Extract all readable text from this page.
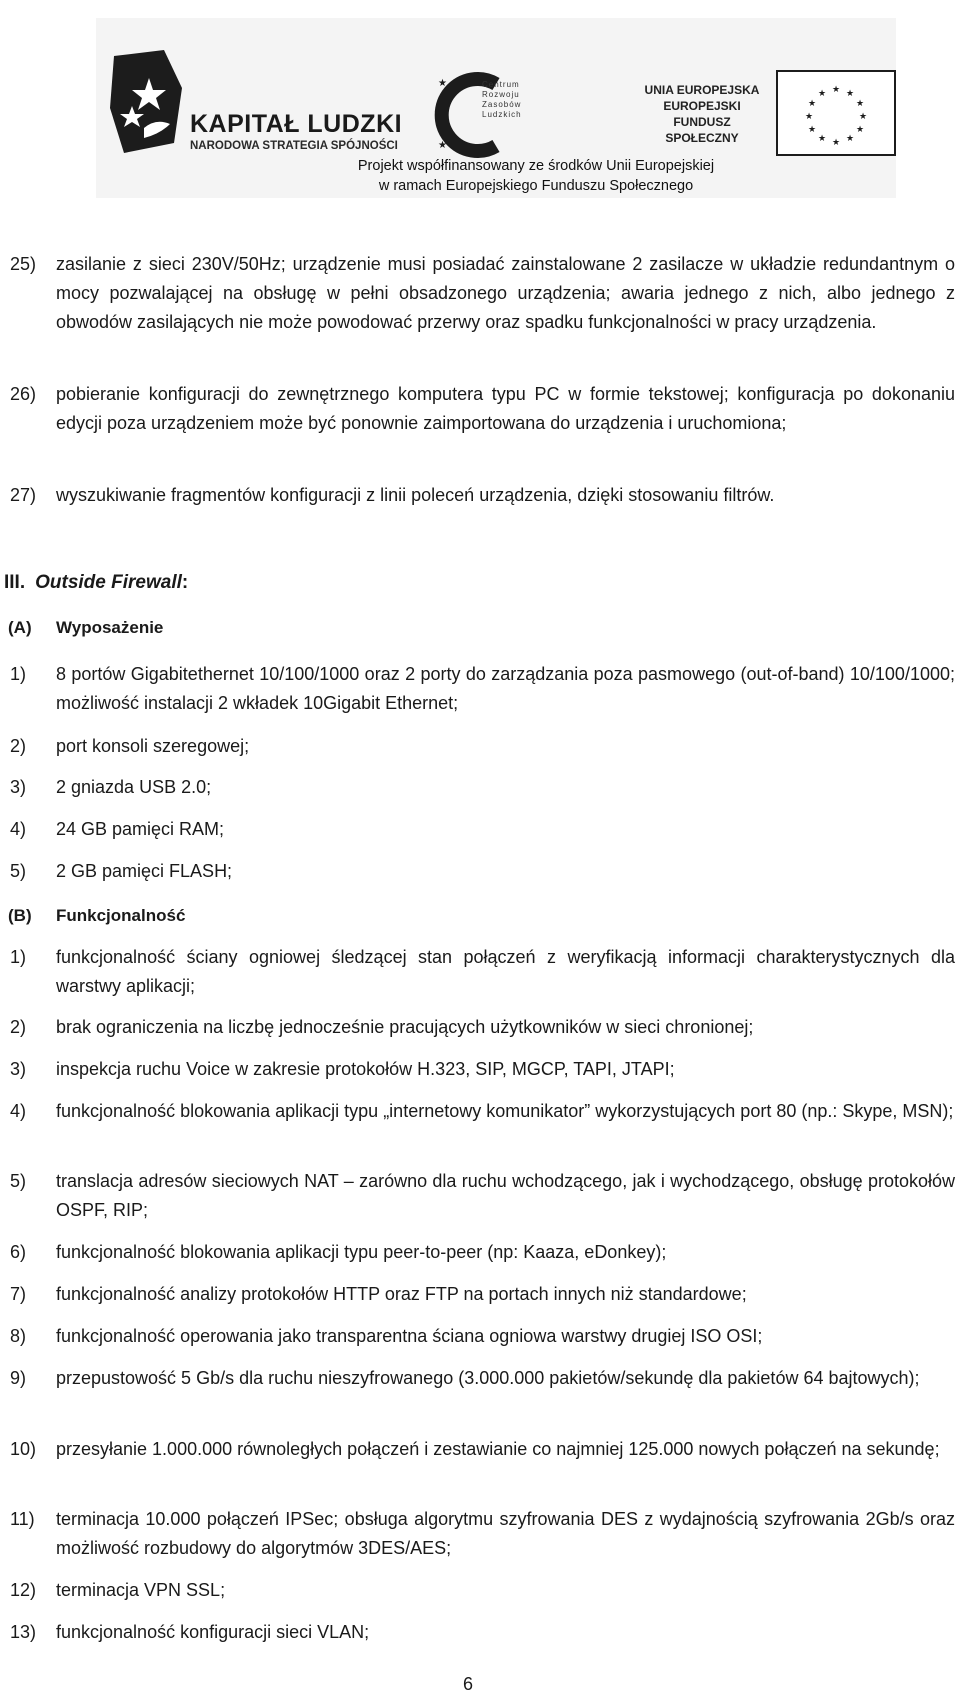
KAPITAŁ LUDZKI
NARODOWA STRATEGIA SPÓJNOŚCI
★
★
★
Centrum
Rozwoju
Zasobów
Ludzkich
UNIA EUROPEJSKA
EUROPEJSKI
FUNDUSZ SPOŁECZNY
★ ★
★
★
★
★
★
★
★
★
★
★
Projekt współfinansowany ze środków Unii Europejskiej
w ramach Europejskiego Funduszu Społecznego
25)	zasilanie z sieci 230V/50Hz; urządzenie musi posiadać zainstalowane 2 zasilacze w układzie redundantnym o mocy pozwalającej na obsługę w pełni obsadzonego urządzenia; awaria jednego z nich, albo jednego z obwodów zasilających nie może powodować przerwy oraz spadku funkcjonalności w pracy urządzenia.
26)	pobieranie konfiguracji do zewnętrznego komputera typu PC w formie tekstowej; konfiguracja po dokonaniu edycji poza urządzeniem może być ponownie zaimportowana do urządzenia i uruchomiona;
27)	wyszukiwanie fragmentów konfiguracji z linii poleceń urządzenia, dzięki stosowaniu filtrów.
III. Outside Firewall:
(A)	Wyposażenie
1)	8 portów Gigabitethernet 10/100/1000 oraz 2 porty do zarządzania poza pasmowego (out-of-band) 10/100/1000; możliwość instalacji 2 wkładek 10Gigabit Ethernet;
2)	port konsoli szeregowej;
3)	2 gniazda USB 2.0;
4)	24 GB pamięci RAM;
5)	2 GB pamięci FLASH;
(B)	Funkcjonalność
1)	funkcjonalność ściany ogniowej śledzącej stan połączeń z weryfikacją informacji charakterystycznych dla warstwy aplikacji;
2)	brak ograniczenia na liczbę jednocześnie pracujących użytkowników w sieci chronionej;
3)	inspekcja ruchu Voice w zakresie protokołów H.323, SIP, MGCP, TAPI, JTAPI;
4)	funkcjonalność blokowania aplikacji typu „internetowy komunikator” wykorzystujących port 80 (np.: Skype, MSN);
5)	translacja adresów sieciowych NAT – zarówno dla ruchu wchodzącego, jak i wychodzącego, obsługę protokołów OSPF, RIP;
6)	funkcjonalność blokowania aplikacji typu peer-to-peer (np: Kaaza, eDonkey);
7)	funkcjonalność analizy protokołów HTTP oraz FTP na portach innych niż standardowe;
8)	funkcjonalność operowania jako transparentna ściana ogniowa warstwy drugiej ISO OSI;
9)	przepustowość 5 Gb/s dla ruchu nieszyfrowanego (3.000.000 pakietów/sekundę dla pakietów 64 bajtowych);
10)	przesyłanie 1.000.000 równoległych połączeń i zestawianie co najmniej 125.000 nowych połączeń na sekundę;
11)	terminacja 10.000 połączeń IPSec; obsługa algorytmu szyfrowania DES z wydajnością szyfrowania 2Gb/s oraz możliwość rozbudowy do algorytmów 3DES/AES;
12)	terminacja VPN SSL;
13)	funkcjonalność konfiguracji sieci VLAN;
6
